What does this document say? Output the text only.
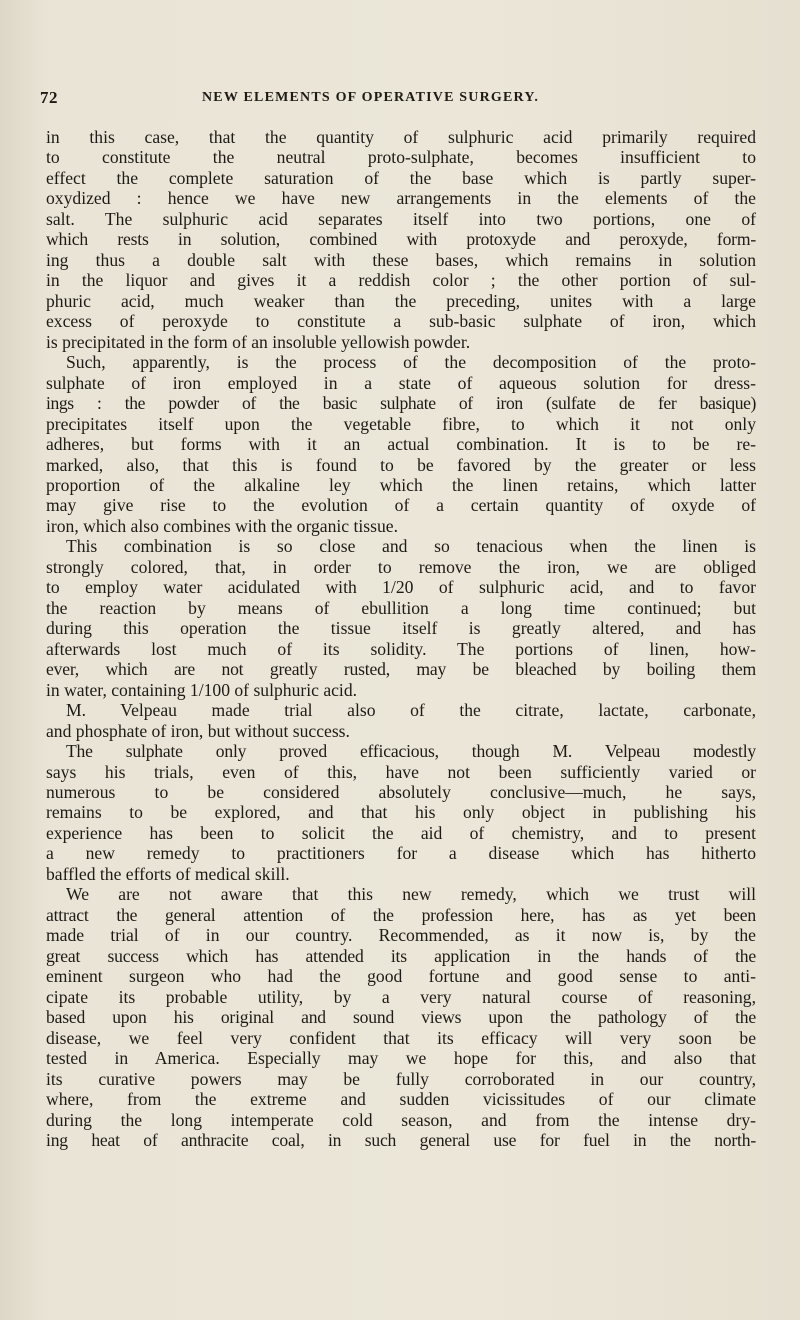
72	NEW ELEMENTS OF OPERATIVE SURGERY.
in this case, that the quantity of sulphuric acid primarily required
to constitute the neutral proto-sulphate, becomes insufficient to
effect the complete saturation of the base which is partly super-
oxydized : hence we have new arrangements in the elements of the
salt. The sulphuric acid separates itself into two portions, one of
which rests in solution, combined with protoxyde and peroxyde, form-
ing thus a double salt with these bases, which remains in solution
in the liquor and gives it a reddish color ; the other portion of sul-
phuric acid, much weaker than the preceding, unites with a large
excess of peroxyde to constitute a sub-basic sulphate of iron, which
is precipitated in the form of an insoluble yellowish powder.
Such, apparently, is the process of the decomposition of the proto-
sulphate of iron employed in a state of aqueous solution for dress-
ings : the powder of the basic sulphate of iron (sulfate de fer basique)
precipitates itself upon the vegetable fibre, to which it not only
adheres, but forms with it an actual combination. It is to be re-
marked, also, that this is found to be favored by the greater or less
proportion of the alkaline ley which the linen retains, which latter
may give rise to the evolution of a certain quantity of oxyde of
iron, which also combines with the organic tissue.
This combination is so close and so tenacious when the linen is
strongly colored, that, in order to remove the iron, we are obliged
to employ water acidulated with 1/20 of sulphuric acid, and to favor
the reaction by means of ebullition a long time continued; but
during this operation the tissue itself is greatly altered, and has
afterwards lost much of its solidity. The portions of linen, how-
ever, which are not greatly rusted, may be bleached by boiling them
in water, containing 1/100 of sulphuric acid.
M. Velpeau made trial also of the citrate, lactate, carbonate,
and phosphate of iron, but without success.
The sulphate only proved efficacious, though M. Velpeau modestly
says his trials, even of this, have not been sufficiently varied or
numerous to be considered absolutely conclusive—much, he says,
remains to be explored, and that his only object in publishing his
experience has been to solicit the aid of chemistry, and to present
a new remedy to practitioners for a disease which has hitherto
baffled the efforts of medical skill.
We are not aware that this new remedy, which we trust will
attract the general attention of the profession here, has as yet been
made trial of in our country. Recommended, as it now is, by the
great success which has attended its application in the hands of the
eminent surgeon who had the good fortune and good sense to anti-
cipate its probable utility, by a very natural course of reasoning,
based upon his original and sound views upon the pathology of the
disease, we feel very confident that its efficacy will very soon be
tested in America. Especially may we hope for this, and also that
its curative powers may be fully corroborated in our country,
where, from the extreme and sudden vicissitudes of our climate
during the long intemperate cold season, and from the intense dry-
ing heat of anthracite coal, in such general use for fuel in the north-
